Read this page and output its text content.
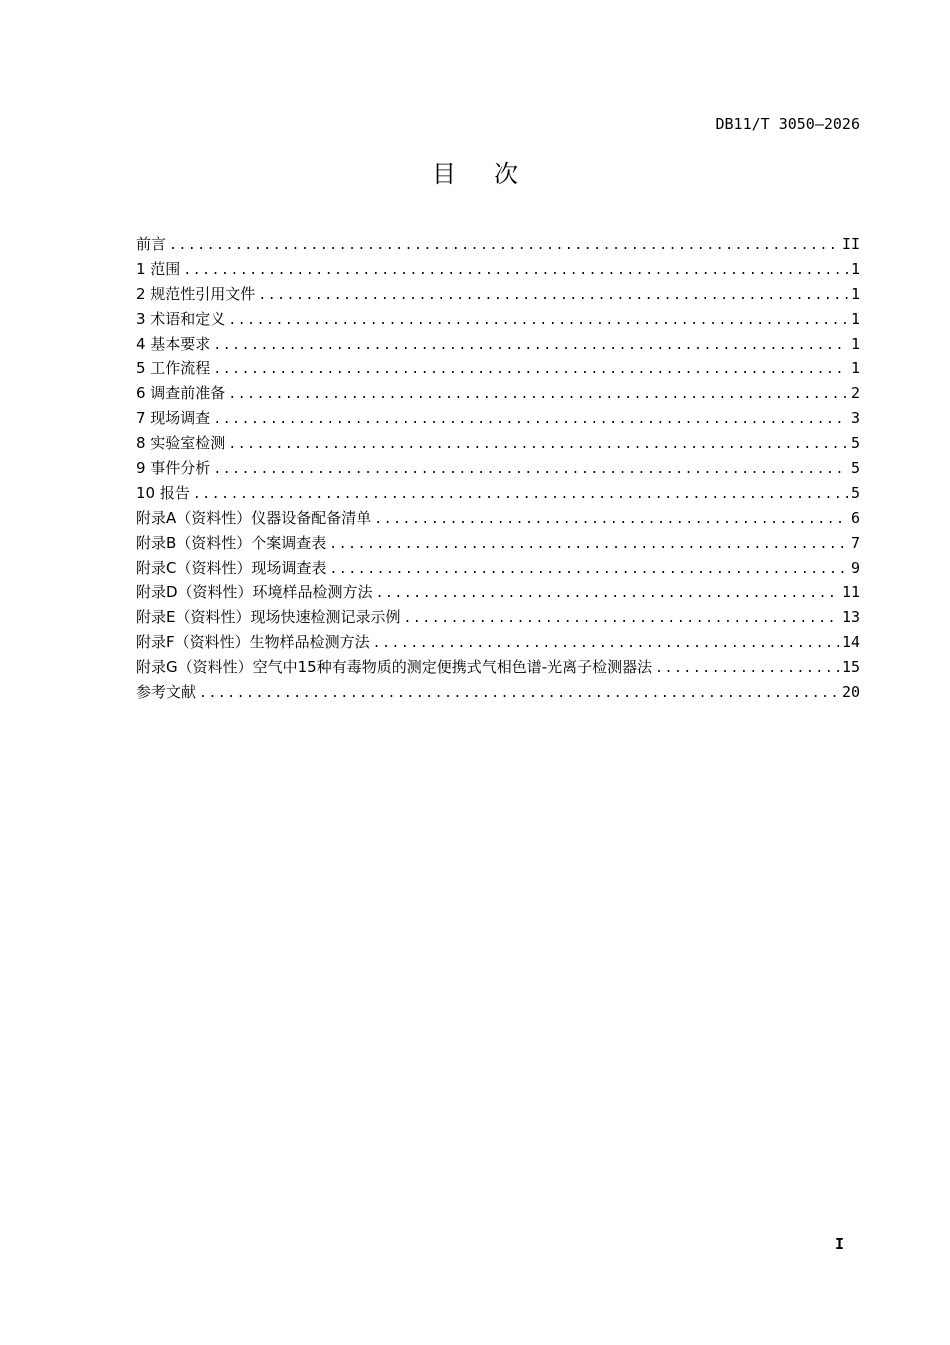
DB11/T 3050—2026
目次
前言 .....	II
1 范围 .....	1
2 规范性引用文件 .....	1
3 术语和定义 .....	1
4 基本要求 .....	1
5 工作流程 .....	1
6 调查前准备 .....	2
7 现场调查 .....	3
8 实验室检测 .....	5
9 事件分析 .....	5
10 报告 .....	5
附录A（资料性）仪器设备配备清单 .....	6
附录B（资料性）个案调查表 .....	7
附录C（资料性）现场调查表 .....	9
附录D（资料性）环境样品检测方法 .....	11
附录E（资料性）现场快速检测记录示例 .....	13
附录F（资料性）生物样品检测方法 .....	14
附录G（资料性）空气中15种有毒物质的测定便携式气相色谱-光离子检测器法 .....	15
参考文献 .....	20
I
